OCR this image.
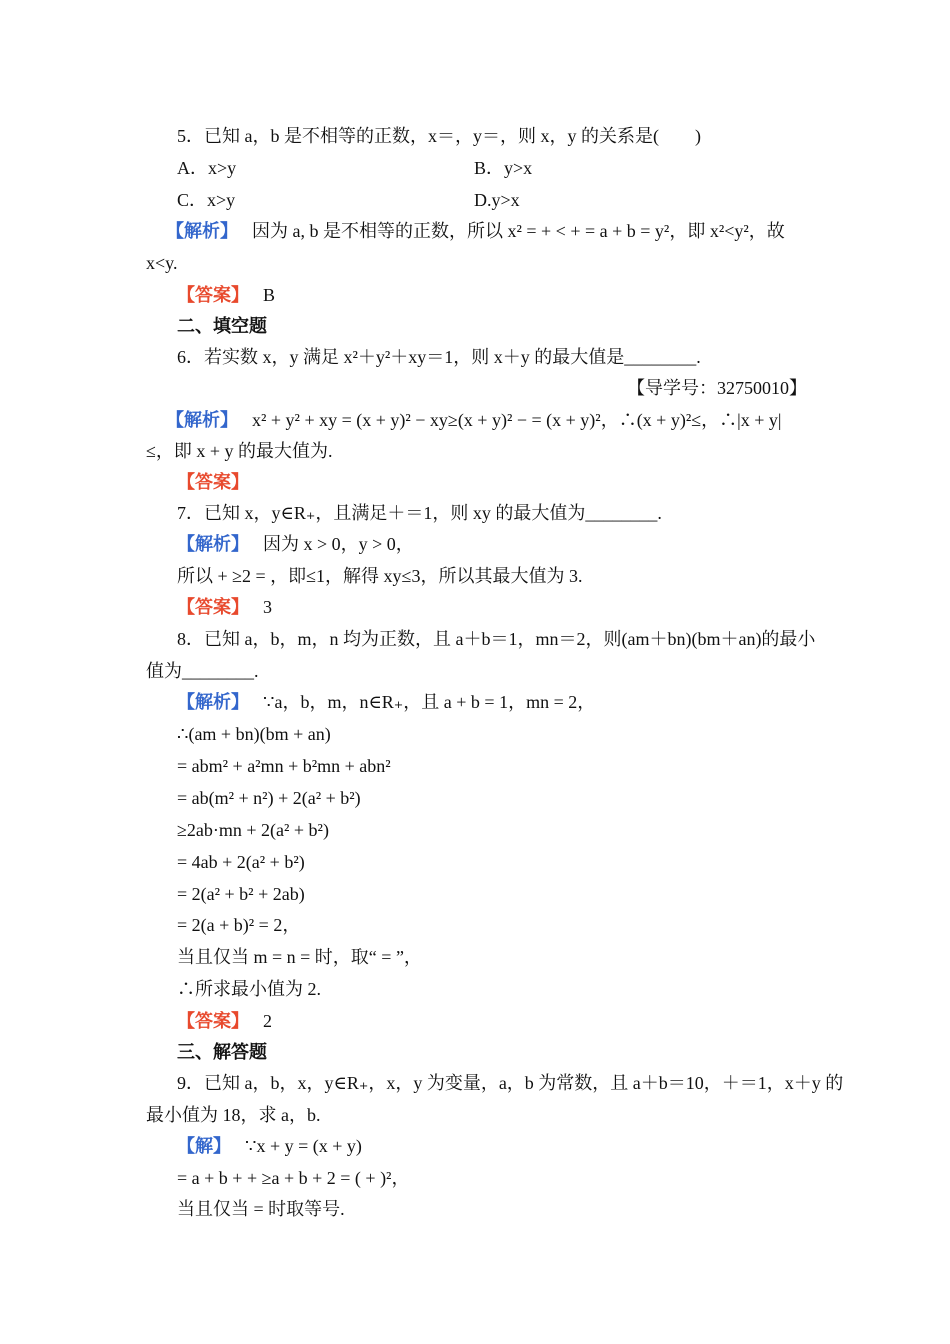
5．已知 a，b 是不相等的正数，x＝，y＝，则 x，y 的关系是(　　)
A．x>y	B．y>x
C．x>y	D.y>x
【解析】 因为 a, b 是不相等的正数，所以 x² = + < + = a + b = y²，即 x²<y²，故
x<y.
【答案】 B
二、填空题
6．若实数 x，y 满足 x²＋y²＋xy＝1，则 x＋y 的最大值是________.
【导学号：32750010】
【解析】 x² + y² + xy = (x + y)² − xy≥(x + y)² − = (x + y)²，∴(x + y)²≤，∴|x + y|
≤，即 x + y 的最大值为.
【答案】
7．已知 x，y∈R₊，且满足＋＝1，则 xy 的最大值为________.
【解析】 因为 x > 0，y > 0，
所以 + ≥2 = ，即≤1，解得 xy≤3，所以其最大值为 3.
【答案】 3
8．已知 a，b，m，n 均为正数，且 a＋b＝1，mn＝2，则(am＋bn)(bm＋an)的最小
值为________.
【解析】 ∵a，b，m，n∈R₊，且 a + b = 1，mn = 2，
∴(am + bn)(bm + an)
= abm² + a²mn + b²mn + abn²
= ab(m² + n²) + 2(a² + b²)
≥2ab·mn + 2(a² + b²)
= 4ab + 2(a² + b²)
= 2(a² + b² + 2ab)
= 2(a + b)² = 2，
当且仅当 m = n = 时，取“ = ”，
∴所求最小值为 2.
【答案】 2
三、解答题
9．已知 a，b，x，y∈R₊，x，y 为变量，a，b 为常数，且 a＋b＝10，＋＝1，x＋y 的
最小值为 18，求 a，b.
【解】 ∵x + y = (x + y)
= a + b + + ≥a + b + 2 = ( + )²，
当且仅当 = 时取等号.
